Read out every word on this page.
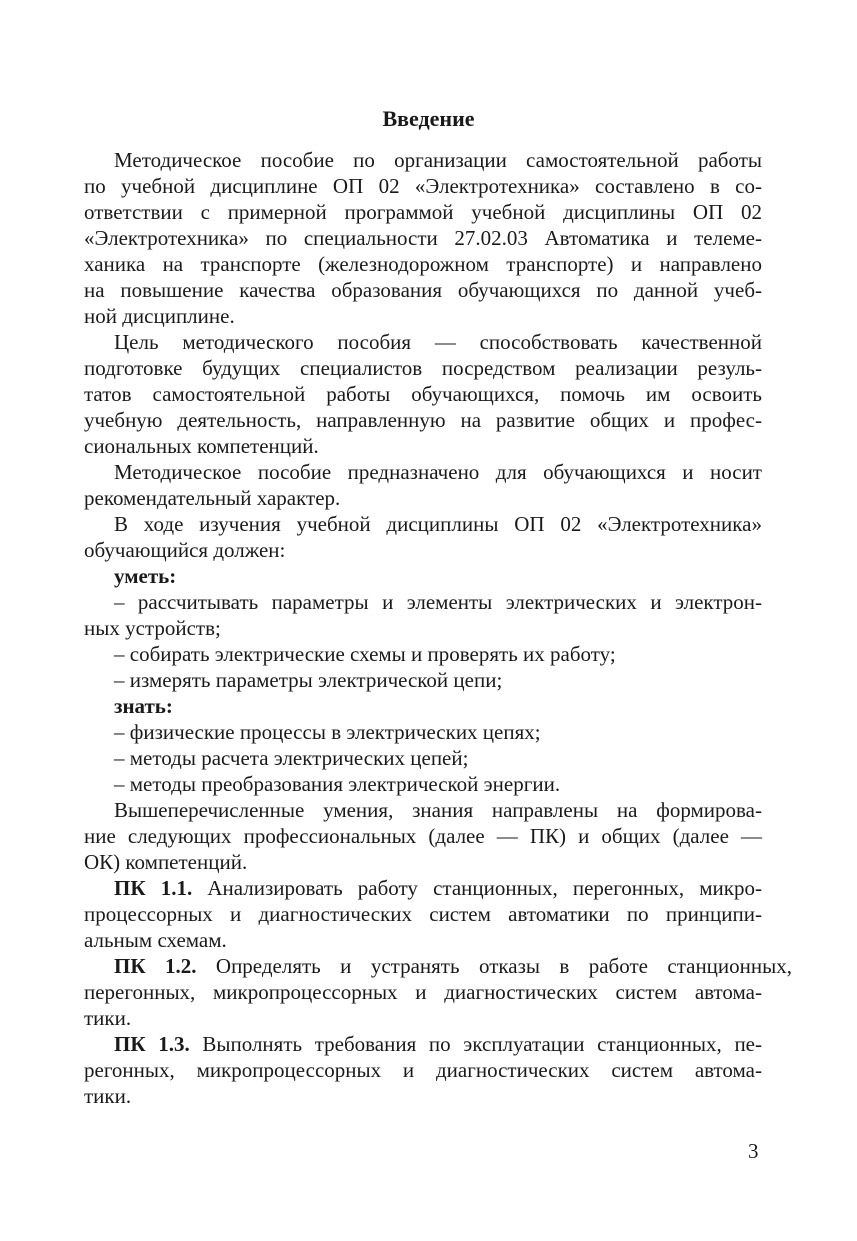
Введение
Методическое пособие по организации самостоятельной работы
по учебной дисциплине ОП 02 «Электротехника» составлено в со-
ответствии с примерной программой учебной дисциплины ОП 02
«Электротехника» по специальности 27.02.03 Автоматика и телеме-
ханика на транспорте (железнодорожном транспорте) и направлено
на повышение качества образования обучающихся по данной учеб-
ной дисциплине.
Цель методического пособия — способствовать качественной
подготовке будущих специалистов посредством реализации резуль-
татов самостоятельной работы обучающихся, помочь им освоить
учебную деятельность, направленную на развитие общих и профес-
сиональных компетенций.
Методическое пособие предназначено для обучающихся и носит
рекомендательный характер.
В ходе изучения учебной дисциплины ОП 02 «Электротехника»
обучающийся должен:
уметь:
– рассчитывать параметры и элементы электрических и электрон-
ных устройств;
– собирать электрические схемы и проверять их работу;
– измерять параметры электрической цепи;
знать:
– физические процессы в электрических цепях;
– методы расчета электрических цепей;
– методы преобразования электрической энергии.
Вышеперечисленные умения, знания направлены на формирова-
ние следующих профессиональных (далее — ПК) и общих (далее —
ОК) компетенций.
ПК 1.1. Анализировать работу станционных, перегонных, микро-
процессорных и диагностических систем автоматики по принципи-
альным схемам.
ПК 1.2. Определять и устранять отказы в работе станционных,
перегонных, микропроцессорных и диагностических систем автома-
тики.
ПК 1.3. Выполнять требования по эксплуатации станционных, пе-
регонных, микропроцессорных и диагностических систем автома-
тики.
3
